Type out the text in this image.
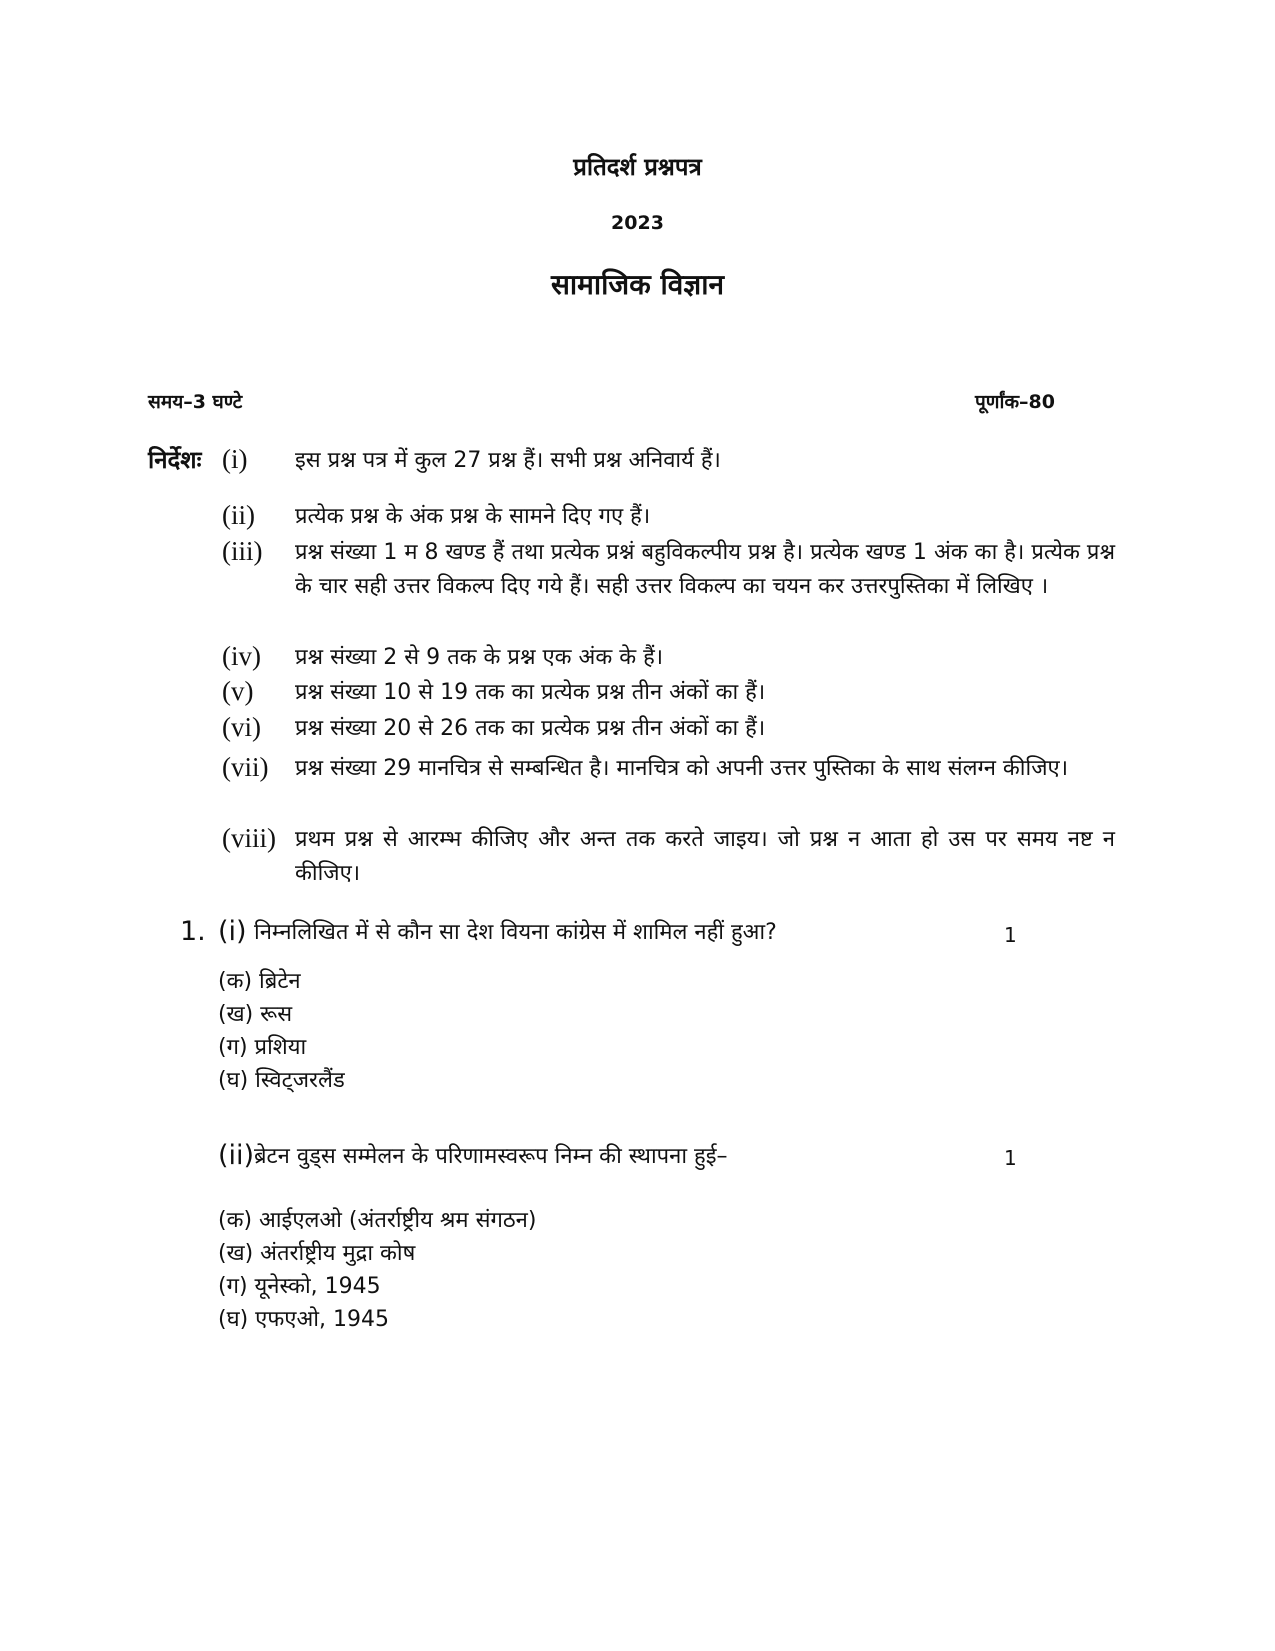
प्रतिदर्श प्रश्नपत्र
2023
सामाजिक विज्ञान
समय–3 घण्टे	पूर्णांक–80
निर्देशः (i) इस प्रश्न पत्र में कुल 27 प्रश्न हैं। सभी प्रश्न अनिवार्य हैं।
(ii) प्रत्येक प्रश्न के अंक प्रश्न के सामने दिए गए हैं।
(iii) प्रश्न संख्या 1 म 8 खण्ड हैं तथा प्रत्येक प्रश्नं बहुविकल्पीय प्रश्न है। प्रत्येक खण्ड 1 अंक का है। प्रत्येक प्रश्न के चार सही उत्तर विकल्प दिए गये हैं। सही उत्तर विकल्प का चयन कर उत्तरपुस्तिका में लिखिए ।
(iv) प्रश्न संख्या 2 से 9 तक के प्रश्न एक अंक के हैं।
(v) प्रश्न संख्या 10 से 19 तक का प्रत्येक प्रश्न तीन अंकों का हैं।
(vi) प्रश्न संख्या 20 से 26 तक का प्रत्येक प्रश्न तीन अंकों का हैं।
(vii) प्रश्न संख्या 29 मानचित्र से सम्बन्धित है। मानचित्र को अपनी उत्तर पुस्तिका के साथ संलग्न कीजिए।
(viii) प्रथम प्रश्न से आरम्भ कीजिए और अन्त तक करते जाइय। जो प्रश्न न आता हो उस पर समय नष्ट न कीजिए।
1. (i) निम्नलिखित में से कौन सा देश वियना कांग्रेस में शामिल नहीं हुआ?	1
(क) ब्रिटेन
(ख) रूस
(ग) प्रशिया
(घ) स्विट्जरलैंड
(ii) ब्रेटन वुड्स सम्मेलन के परिणामस्वरूप निम्न की स्थापना हुई–	1
(क) आईएलओ (अंतर्राष्ट्रीय श्रम संगठन)
(ख) अंतर्राष्ट्रीय मुद्रा कोष
(ग) यूनेस्को, 1945
(घ) एफएओ, 1945
